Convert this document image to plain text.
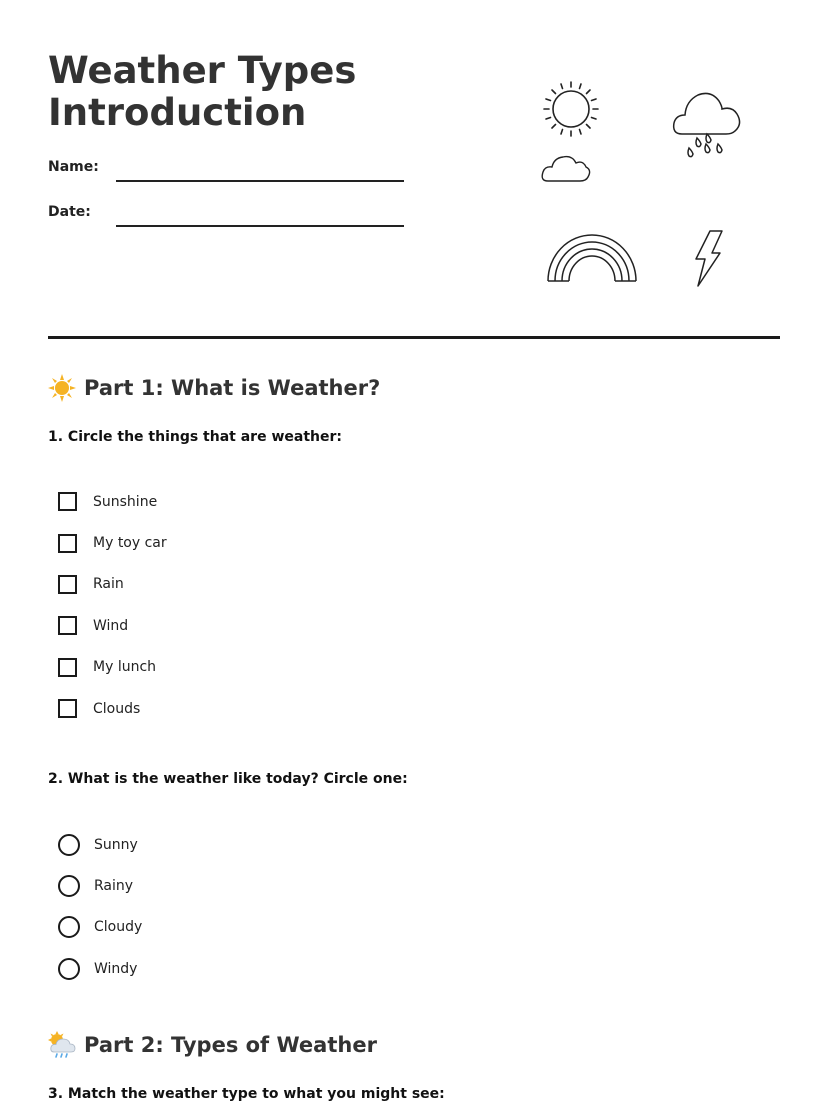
Weather Types
Introduction
Name:
Date:
Part 1: What is Weather?

1. Circle the things that are weather:

Sunshine
My toy car
Rain
Wind
My lunch
Clouds

2. What is the weather like today? Circle one:

Sunny
Rainy
Cloudy
Windy
Part 2: Types of Weather

3. Match the weather type to what you might see:
